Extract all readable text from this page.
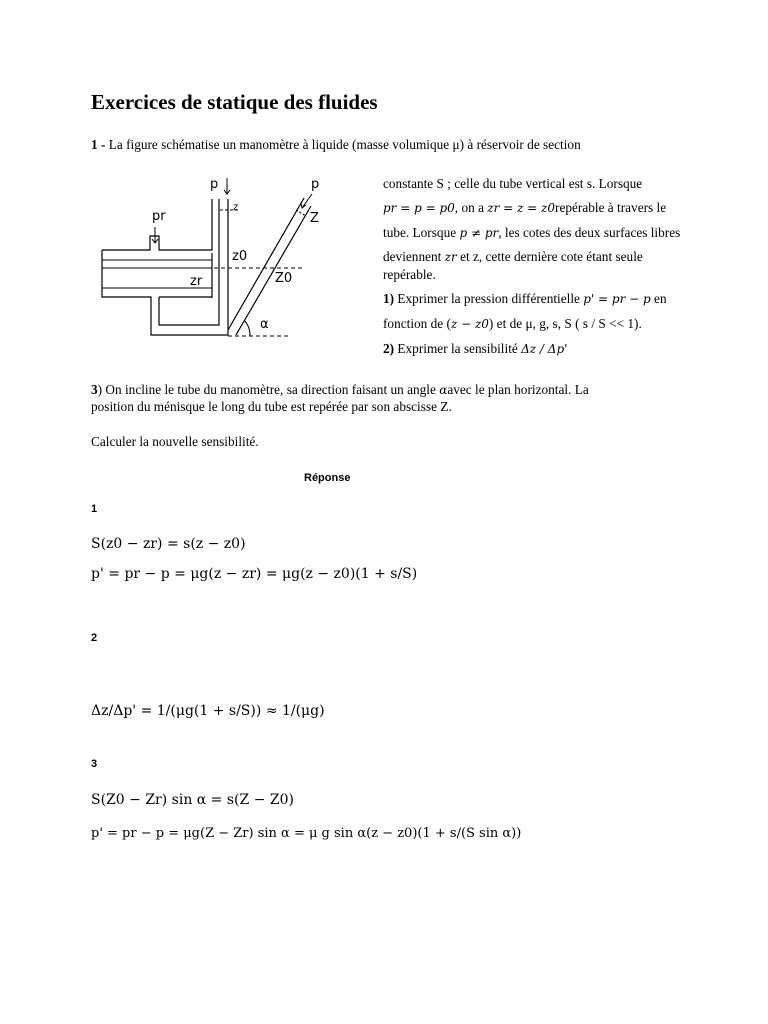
Exercices de statique des fluides
1 - La figure schématise un manomètre à liquide (masse volumique μ) à réservoir de section
p
z
pr
z0
zr
p
Z
Z0
α
constante S ; celle du tube vertical est s. Lorsque
pr = p = p0, on a zr = z = z0repérable à travers le
tube. Lorsque p ≠ pr, les cotes des deux surfaces libres
deviennent zr et z, cette dernière cote étant seule
repérable.
1) Exprimer la pression différentielle p' = pr − p en
fonction de (z − z0) et de μ, g, s, S ( s / S << 1).
2) Exprimer la sensibilité Δz / Δp'
3) On incline le tube du manomètre, sa direction faisant un angle αavec le plan horizontal. La
position du ménisque le long du tube est repérée par son abscisse Z.
Calculer la nouvelle sensibilité.
Réponse
1
S(z0 − zr) = s(z − z0)
p' = pr − p = μg(z − zr) = μg(z − z0)(1 + s/S)
2
Δz/Δp' = 1/(μg(1 + s/S)) ≈ 1/(μg)
3
S(Z0 − Zr) sin α = s(Z − Z0)
p' = pr − p = μg(Z − Zr) sin α = μ g sin α(z − z0)(1 + s/(S sin α))
